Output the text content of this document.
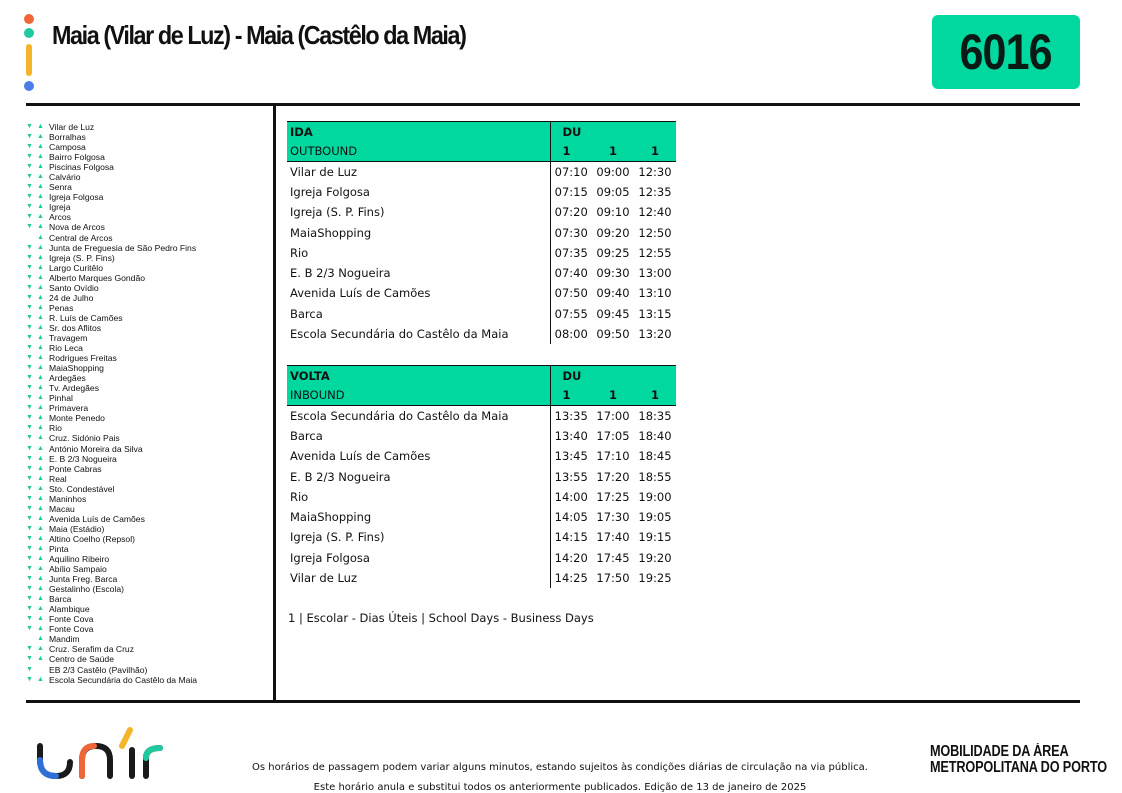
Maia (Vilar de Luz) - Maia (Castêlo da Maia)	6016
▼ ▲ Vilar de Luz
▼ ▲ Borralhas
▼ ▲ Camposa
▼ ▲ Bairro Folgosa
▼ ▲ Piscinas Folgosa
▼ ▲ Calvário
▼ ▲ Senra
▼ ▲ Igreja Folgosa
▼ ▲ Igreja
▼ ▲ Arcos
▼ ▲ Nova de Arcos
▲ Central de Arcos
▼ ▲ Junta de Freguesia de São Pedro Fins
▼ ▲ Igreja (S. P. Fins)
▼ ▲ Largo Curitêlo
▼ ▲ Alberto Marques Gondão
▼ ▲ Santo Ovídio
▼ ▲ 24 de Julho
▼ ▲ Penas
▼ ▲ R. Luís de Camões
▼ ▲ Sr. dos Aflitos
▼ ▲ Travagem
▼ ▲ Rio Leca
▼ ▲ Rodrigues Freitas
▼ ▲ MaiaShopping
▼ ▲ Ardegães
▼ ▲ Tv. Ardegães
▼ ▲ Pinhal
▼ ▲ Primavera
▼ ▲ Monte Penedo
▼ ▲ Rio
▼ ▲ Cruz. Sidónio Pais
▼ ▲ António Moreira da Silva
▼ ▲ E. B 2/3 Nogueira
▼ ▲ Ponte Cabras
▼ ▲ Real
▼ ▲ Sto. Condestável
▼ ▲ Maninhos
▼ ▲ Macau
▼ ▲ Avenida Luís de Camões
▼ ▲ Maia (Estádio)
▼ ▲ Altino Coelho (Repsol)
▼ ▲ Pinta
▼ ▲ Aquilino Ribeiro
▼ ▲ Abílio Sampaio
▼ ▲ Junta Freg. Barca
▼ ▲ Gestalinho (Escola)
▼ ▲ Barca
▼ ▲ Alambique
▼ ▲ Fonte Cova
▼ ▲ Fonte Cova
▲ Mandim
▼ ▲ Cruz. Serafim da Cruz
▼ ▲ Centro de Saúde
▼ EB 2/3 Castêlo (Pavilhão)
▼ ▲ Escola Secundária do Castêlo da Maia
IDA	DU		
OUTBOUND	1	1	1
Vilar de Luz	07:10	09:00	12:30
Igreja Folgosa	07:15	09:05	12:35
Igreja (S. P. Fins)	07:20	09:10	12:40
MaiaShopping	07:30	09:20	12:50
Rio	07:35	09:25	12:55
E. B 2/3 Nogueira	07:40	09:30	13:00
Avenida Luís de Camões	07:50	09:40	13:10
Barca	07:55	09:45	13:15
Escola Secundária do Castêlo da Maia	08:00	09:50	13:20
VOLTA	DU		
INBOUND	1	1	1
Escola Secundária do Castêlo da Maia	13:35	17:00	18:35
Barca	13:40	17:05	18:40
Avenida Luís de Camões	13:45	17:10	18:45
E. B 2/3 Nogueira	13:55	17:20	18:55
Rio	14:00	17:25	19:00
MaiaShopping	14:05	17:30	19:05
Igreja (S. P. Fins)	14:15	17:40	19:15
Igreja Folgosa	14:20	17:45	19:20
Vilar de Luz	14:25	17:50	19:25
1 | Escolar - Dias Úteis | School Days - Business Days
Os horários de passagem podem variar alguns minutos, estando sujeitos às condições diárias de circulação na via pública.
Este horário anula e substitui todos os anteriormente publicados. Edição de 13 de janeiro de 2025
MOBILIDADE DA ÁREA
METROPOLITANA DO PORTO
